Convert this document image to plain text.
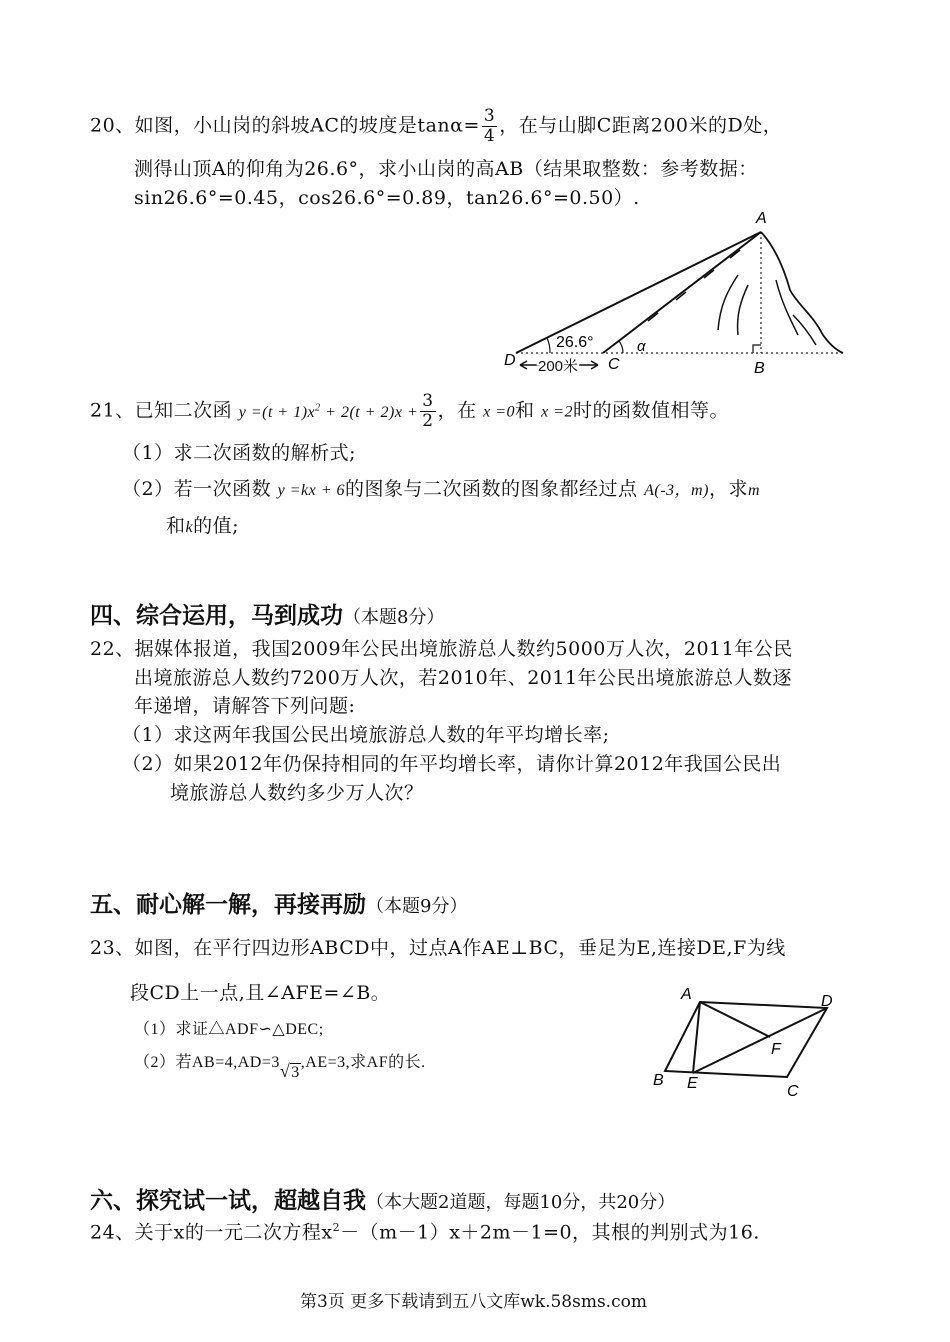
20、如图，小山岗的斜坡AC的坡度是$\tan\alpha= \frac{3}{4}$ ，在与山脚C距离200米的D处，
测得山顶A的仰角为26.6°，求小山岗的高AB（结果取整数：参考数据：
sin26.6°=0.45，cos26.6°=0.89，tan26.6°=0.50）.
A
D	C	B
26.6°	α
200米
21、已知二次函 $y =(t + 1)x^2 + 2(t + 2)x + \frac{3}{2}$ ，在 x =0和 x =2时的函数值相等。
（1）求二次函数的解析式;
（2）若一次函数 y =kx + 6的图象与二次函数的图象都经过点 A(-3，m)，求m
和k的值;
四、综合运用，马到成功（本题8分）
22、据媒体报道，我国2009年公民出境旅游总人数约5000万人次，2011年公民
出境旅游总人数约7200万人次，若2010年、2011年公民出境旅游总人数逐
年递增，请解答下列问题:
（1）求这两年我国公民出境旅游总人数的年平均增长率;
（2）如果2012年仍保持相同的年平均增长率，请你计算2012年我国公民出
境旅游总人数约多少万人次？
五、耐心解一解，再接再励（本题9分）
23、如图，在平行四边形ABCD中，过点A作AE⊥BC，垂足为E,连接DE,F为线
段CD上一点,且∠AFE=∠B。
（1）求证△ADF∽△DEC;
（2）若AB=4,AD=3√3,AE=3,求AF的长.
A	D
F
B E	C
六、探究试一试，超越自我（本大题2道题，每题10分，共20分）
24、关于x的一元二次方程$x^2-(m-1)x+2m-1=0$，其根的判别式为16.
第3页 更多下载请到五八文库wk.58sms.com
